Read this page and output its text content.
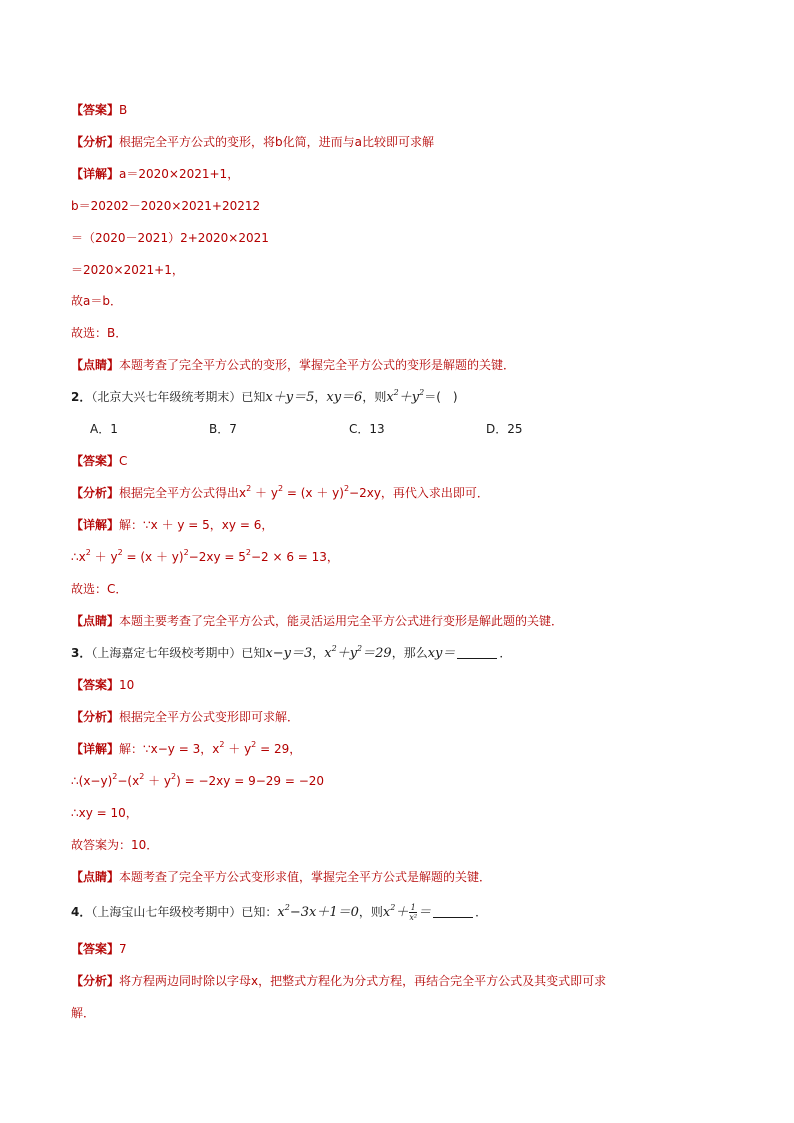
【答案】B
【分析】根据完全平方公式的变形，将b化简，进而与a比较即可求解
【详解】a＝2020×2021+1，
b＝20202－2020×2021+20212
＝（2020－2021）2+2020×2021
＝2020×2021+1，
故a＝b．
故选：B．
【点睛】本题考查了完全平方公式的变形，掌握完全平方公式的变形是解题的关键．
2．（北京大兴七年级统考期末）已知x＋y＝5，xy＝6，则$x^2+y^2=$(　)
A．1	B．7	C．13	D．25
【答案】C
【分析】根据完全平方公式得出$x^2 + y^2 = (x + y)^2-2xy$，再代入求出即可．
【详解】解：∵x ＋ y = 5，xy = 6，
$\therefore x^2 + y^2 = (x + y)^2-2xy = 5^2-2 \times 6 = 13$，
故选：C．
【点睛】本题主要考查了完全平方公式，能灵活运用完全平方公式进行变形是解此题的关键．
3．（上海嘉定七年级校考期中）已知x−y＝3，$x^2+y^2=29$，那么xy＝	．
【答案】10
【分析】根据完全平方公式变形即可求解．
【详解】解：∵x−y = 3，$x^2 + y^2 = 29$，
$\therefore(x-y)^2-(x^2 + y^2) = -2xy = 9-29 = -20$
∴xy = 10，
故答案为：10．
【点睛】本题考查了完全平方公式变形求值，掌握完全平方公式是解题的关键．
4．（上海宝山七年级校考期中）已知：$x^2-3x+1=0$，则$x^2+ \frac{1}{\text{x²}}$ ＝	．
【答案】7
【分析】将方程两边同时除以字母x，把整式方程化为分式方程，再结合完全平方公式及其变式即可求
解．
